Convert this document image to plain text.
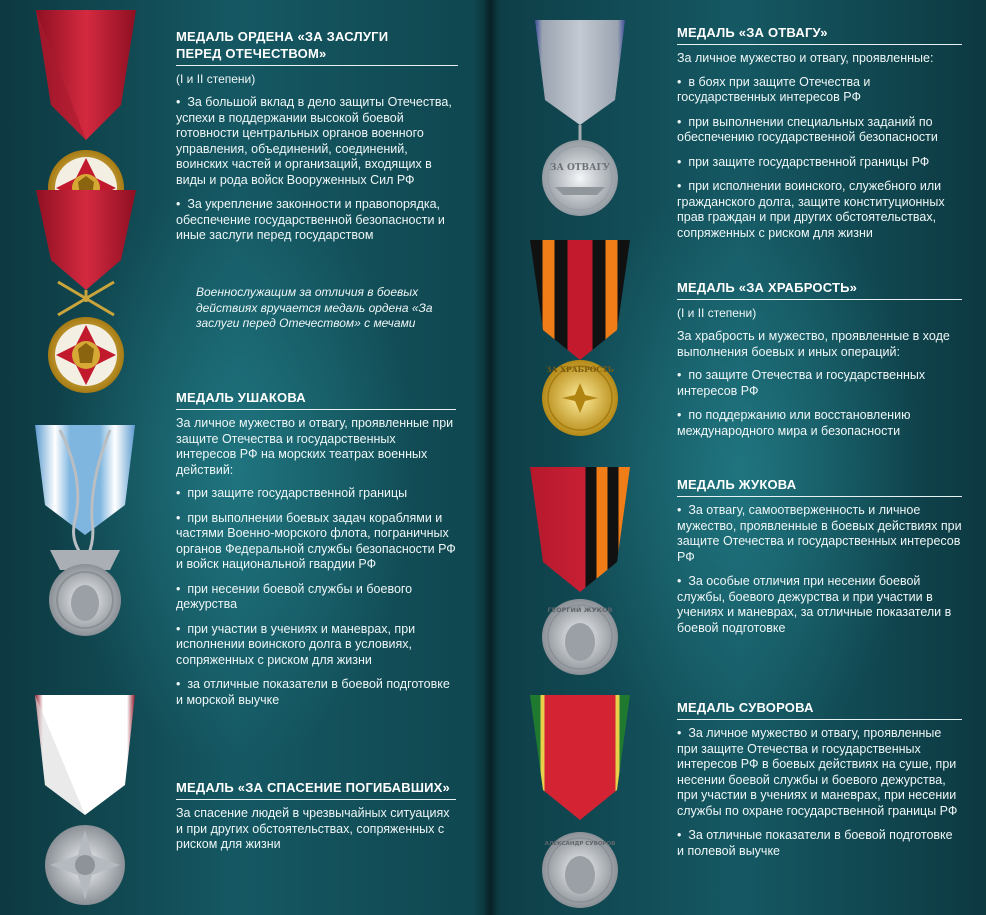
ЗА ОТВАГУ
ЗА ХРАБРОСТЬ
ГЕОРГИЙ ЖУКОВ
АЛЕКСАНДР СУВОРОВ
МЕДАЛЬ ОРДЕНА «ЗА ЗАСЛУГИ
ПЕРЕД ОТЕЧЕСТВОМ»
(I и II степени)
•  За большой вклад в дело защиты Отечества, успехи в поддержании высокой боевой готовности центральных органов военного управления, объединений, соединений, воинских частей и организаций, входящих в виды и рода войск Вооруженных Сил РФ
•  За укрепление законности и правопорядка, обеспечение государственной безопасности и иные заслуги перед государством
Военнослужащим за отличия в боевых действиях вручается медаль ордена «За заслуги перед Отечеством» с мечами
МЕДАЛЬ УШАКОВА
За личное мужество и отвагу, проявленные при защите Отечества и государственных интересов РФ на морских театрах военных действий:
•  при защите государственной границы
•  при выполнении боевых задач кораблями и частями Военно-морского флота, пограничных органов Федеральной службы безопасности РФ и войск национальной гвардии РФ
•  при несении боевой службы и боевого дежурства
•  при участии в учениях и маневрах, при исполнении воинского долга в условиях, сопряженных с риском для жизни
•  за отличные показатели в боевой подготовке и морской выучке
МЕДАЛЬ «ЗА СПАСЕНИЕ ПОГИБАВШИХ»
За спасение людей в чрезвычайных ситуациях и при других обстоятельствах, сопряженных с риском для жизни
МЕДАЛЬ «ЗА ОТВАГУ»
За личное мужество и отвагу, проявленные:
•  в боях при защите Отечества и государственных интересов РФ
•  при выполнении специальных заданий по обеспечению государственной безопасности
•  при защите государственной границы РФ
•  при исполнении воинского, служебного или гражданского долга, защите конституционных прав граждан и при других обстоятельствах, сопряженных с риском для жизни
МЕДАЛЬ «ЗА ХРАБРОСТЬ»
(I и II степени)
За храбрость и мужество, проявленные в ходе выполнения боевых и иных операций:
•  по защите Отечества и государственных интересов РФ
•  по поддержанию или восстановлению международного мира и безопасности
МЕДАЛЬ ЖУКОВА
•  За отвагу, самоотверженность и личное мужество, проявленные в боевых действиях при защите Отечества и государственных интересов РФ
•  За особые отличия при несении боевой службы, боевого дежурства и при участии в учениях и маневрах, за отличные показатели в боевой подготовке
МЕДАЛЬ СУВОРОВА
•  За личное мужество и отвагу, проявленные при защите Отечества и государственных интересов РФ в боевых действиях на суше, при несении боевой службы и боевого дежурства, при участии в учениях и маневрах, при несении службы по охране государственной границы РФ
•  За отличные показатели в боевой подготовке и полевой выучке
